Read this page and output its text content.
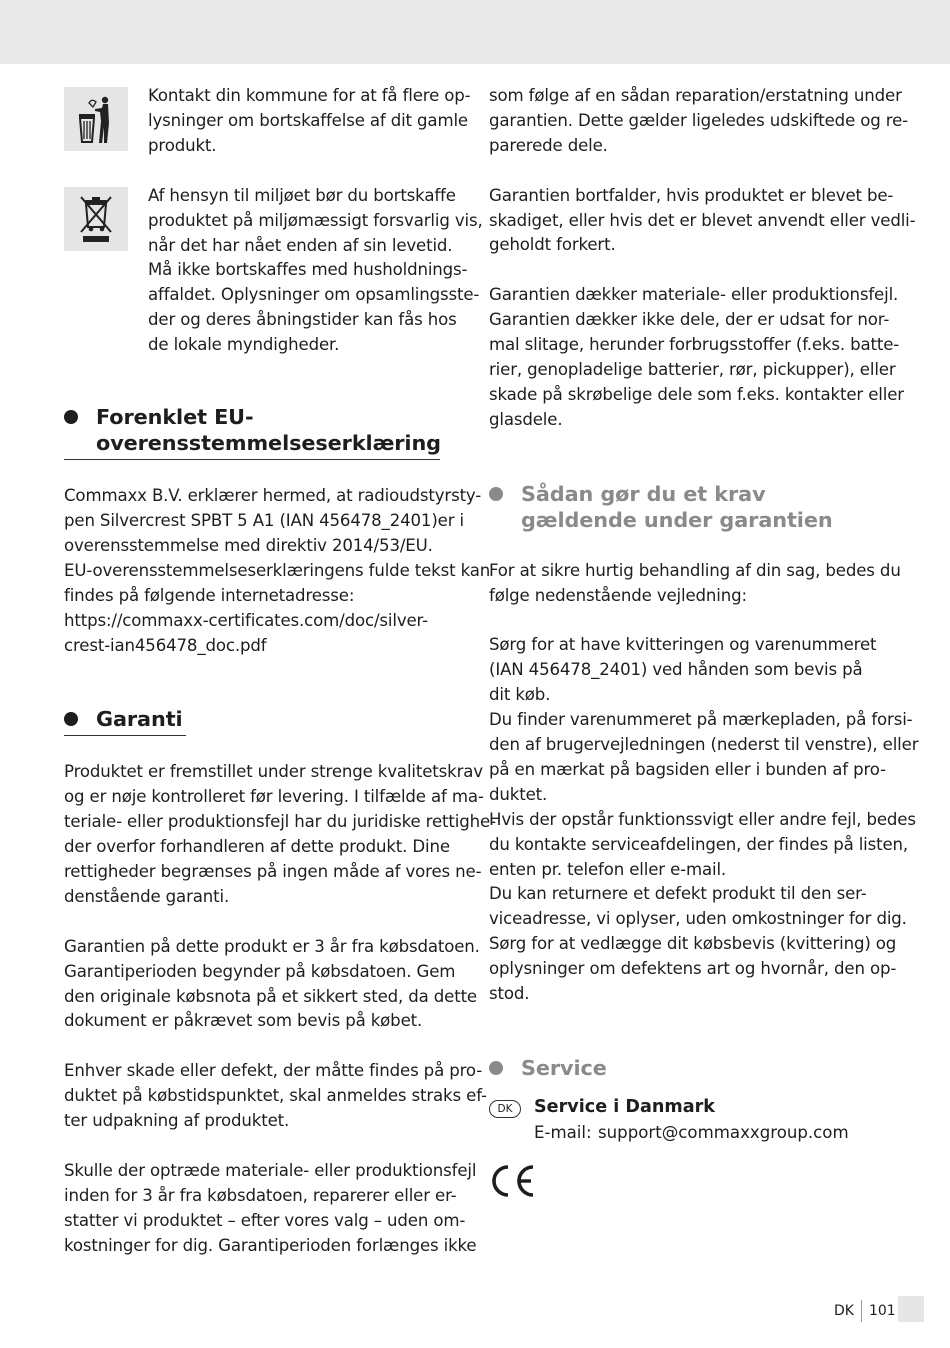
Kontakt din kommune for at få flere op-
lysninger om bortskaffelse af dit gamle
produkt.

Af hensyn til miljøet bør du bortskaffe
produktet på miljømæssigt forsvarlig vis,
når det har nået enden af sin levetid.
Må ikke bortskaffes med husholdnings-
affaldet. Oplysninger om opsamlingsste-
der og deres åbningstider kan fås hos
de lokale myndigheder.

Forenklet EU-
overensstemmelseserklæring

Commaxx B.V. erklærer hermed, at radioudstyrsty-
pen Silvercrest SPBT 5 A1 (IAN 456478_2401)er i
overensstemmelse med direktiv 2014/53/EU.
EU-overensstemmelseserklæringens fulde tekst kan
findes på følgende internetadresse:
https://commaxx-certificates.com/doc/silver-
crest-ian456478_doc.pdf

Garanti

Produktet er fremstillet under strenge kvalitetskrav
og er nøje kontrolleret før levering. I tilfælde af ma-
teriale- eller produktionsfejl har du juridiske rettighe-
der overfor forhandleren af dette produkt. Dine
rettigheder begrænses på ingen måde af vores ne-
denstående garanti.

Garantien på dette produkt er 3 år fra købsdatoen.
Garantiperioden begynder på købsdatoen. Gem
den originale købsnota på et sikkert sted, da dette
dokument er påkrævet som bevis på købet.

Enhver skade eller defekt, der måtte findes på pro-
duktet på købstidspunktet, skal anmeldes straks ef-
ter udpakning af produktet.

Skulle der optræde materiale- eller produktionsfejl
inden for 3 år fra købsdatoen, reparerer eller er-
statter vi produktet – efter vores valg – uden om-
kostninger for dig. Garantiperioden forlænges ikke

som følge af en sådan reparation/erstatning under
garantien. Dette gælder ligeledes udskiftede og re-
parerede dele.

Garantien bortfalder, hvis produktet er blevet be-
skadiget, eller hvis det er blevet anvendt eller vedli-
geholdt forkert.

Garantien dækker materiale- eller produktionsfejl.
Garantien dækker ikke dele, der er udsat for nor-
mal slitage, herunder forbrugsstoffer (f.eks. batte-
rier, genopladelige batterier, rør, pickupper), eller
skade på skrøbelige dele som f.eks. kontakter eller
glasdele.

Sådan gør du et krav
gældende under garantien

For at sikre hurtig behandling af din sag, bedes du
følge nedenstående vejledning:

Sørg for at have kvitteringen og varenummeret
(IAN 456478_2401) ved hånden som bevis på
dit køb.
Du finder varenummeret på mærkepladen, på forsi-
den af brugervejledningen (nederst til venstre), eller
på en mærkat på bagsiden eller i bunden af pro-
duktet.
Hvis der opstår funktionssvigt eller andre fejl, bedes
du kontakte serviceafdelingen, der findes på listen,
enten pr. telefon eller e-mail.
Du kan returnere et defekt produkt til den ser-
viceadresse, vi oplyser, uden omkostninger for dig.
Sørg for at vedlægge dit købsbevis (kvittering) og
oplysninger om defektens art og hvornår, den op-
stod.

Service
DK	Service i Danmark
E-mail: support@commaxxgroup.com
DK 101
